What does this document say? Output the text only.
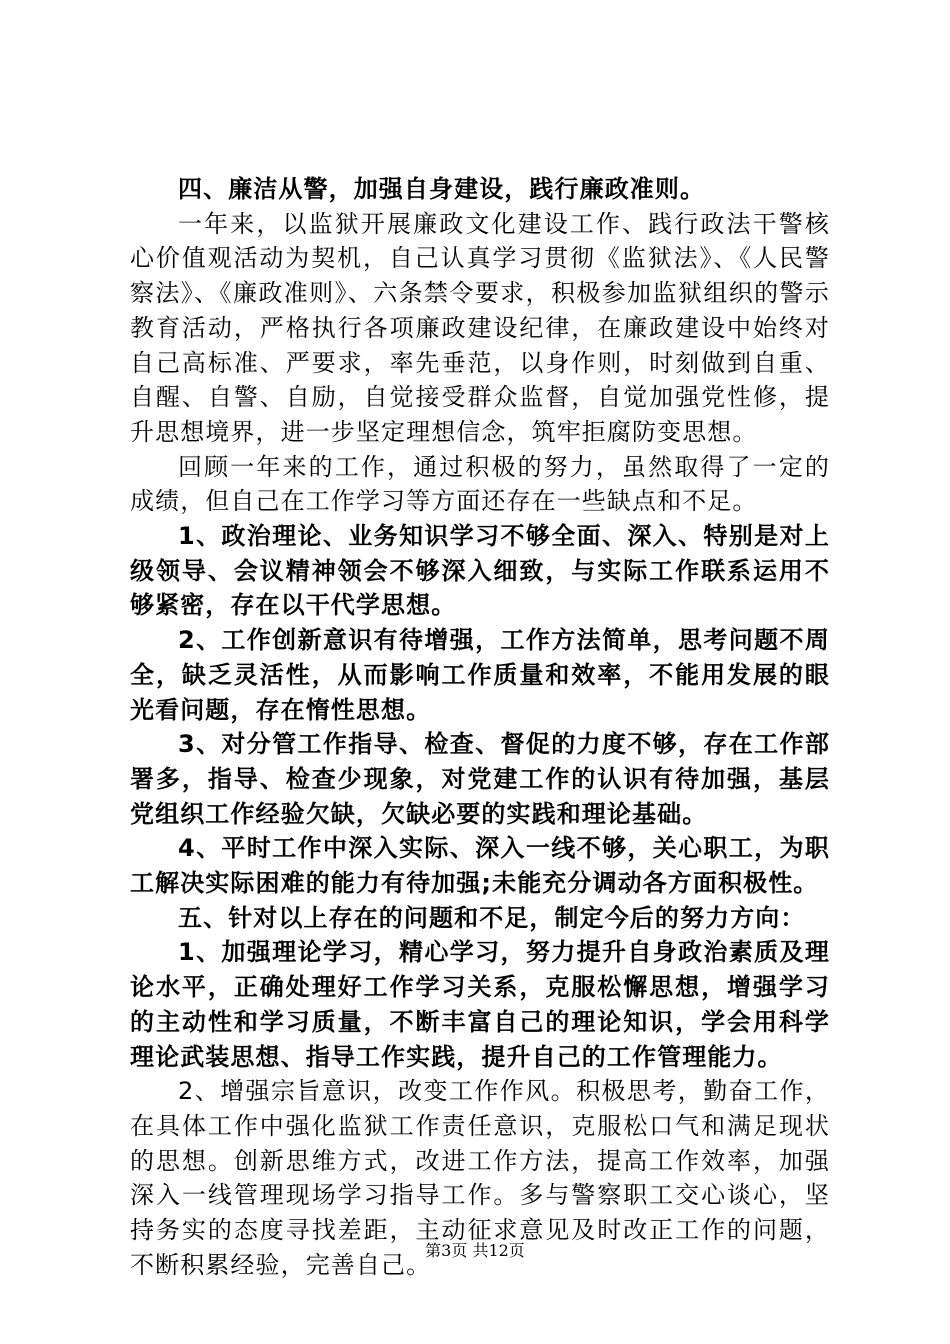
四、廉洁从警，加强自身建设，践行廉政准则。

一年来，以监狱开展廉政文化建设工作、践行政法干警核心价值观活动为契机，自己认真学习贯彻《监狱法》、《人民警察法》、《廉政准则》、六条禁令要求，积极参加监狱组织的警示教育活动，严格执行各项廉政建设纪律，在廉政建设中始终对自己高标准、严要求，率先垂范，以身作则，时刻做到自重、自醒、自警、自励，自觉接受群众监督，自觉加强党性修，提升思想境界，进一步坚定理想信念，筑牢拒腐防变思想。

回顾一年来的工作，通过积极的努力，虽然取得了一定的成绩，但自己在工作学习等方面还存在一些缺点和不足。

1、政治理论、业务知识学习不够全面、深入、特别是对上级领导、会议精神领会不够深入细致，与实际工作联系运用不够紧密，存在以干代学思想。

2、工作创新意识有待增强，工作方法简单，思考问题不周全，缺乏灵活性，从而影响工作质量和效率，不能用发展的眼光看问题，存在惰性思想。

3、对分管工作指导、检查、督促的力度不够，存在工作部署多，指导、检查少现象，对党建工作的认识有待加强，基层党组织工作经验欠缺，欠缺必要的实践和理论基础。

4、平时工作中深入实际、深入一线不够，关心职工，为职工解决实际困难的能力有待加强;未能充分调动各方面积极性。

五、针对以上存在的问题和不足，制定今后的努力方向：

1、加强理论学习，精心学习，努力提升自身政治素质及理论水平，正确处理好工作学习关系，克服松懈思想，增强学习的主动性和学习质量，不断丰富自己的理论知识，学会用科学理论武装思想、指导工作实践，提升自己的工作管理能力。

2、增强宗旨意识，改变工作作风。积极思考，勤奋工作，在具体工作中强化监狱工作责任意识，克服松口气和满足现状的思想。创新思维方式，改进工作方法，提高工作效率，加强深入一线管理现场学习指导工作。多与警察职工交心谈心，坚持务实的态度寻找差距，主动征求意见及时改正工作的问题，不断积累经验，完善自己。

第3页 共12页
